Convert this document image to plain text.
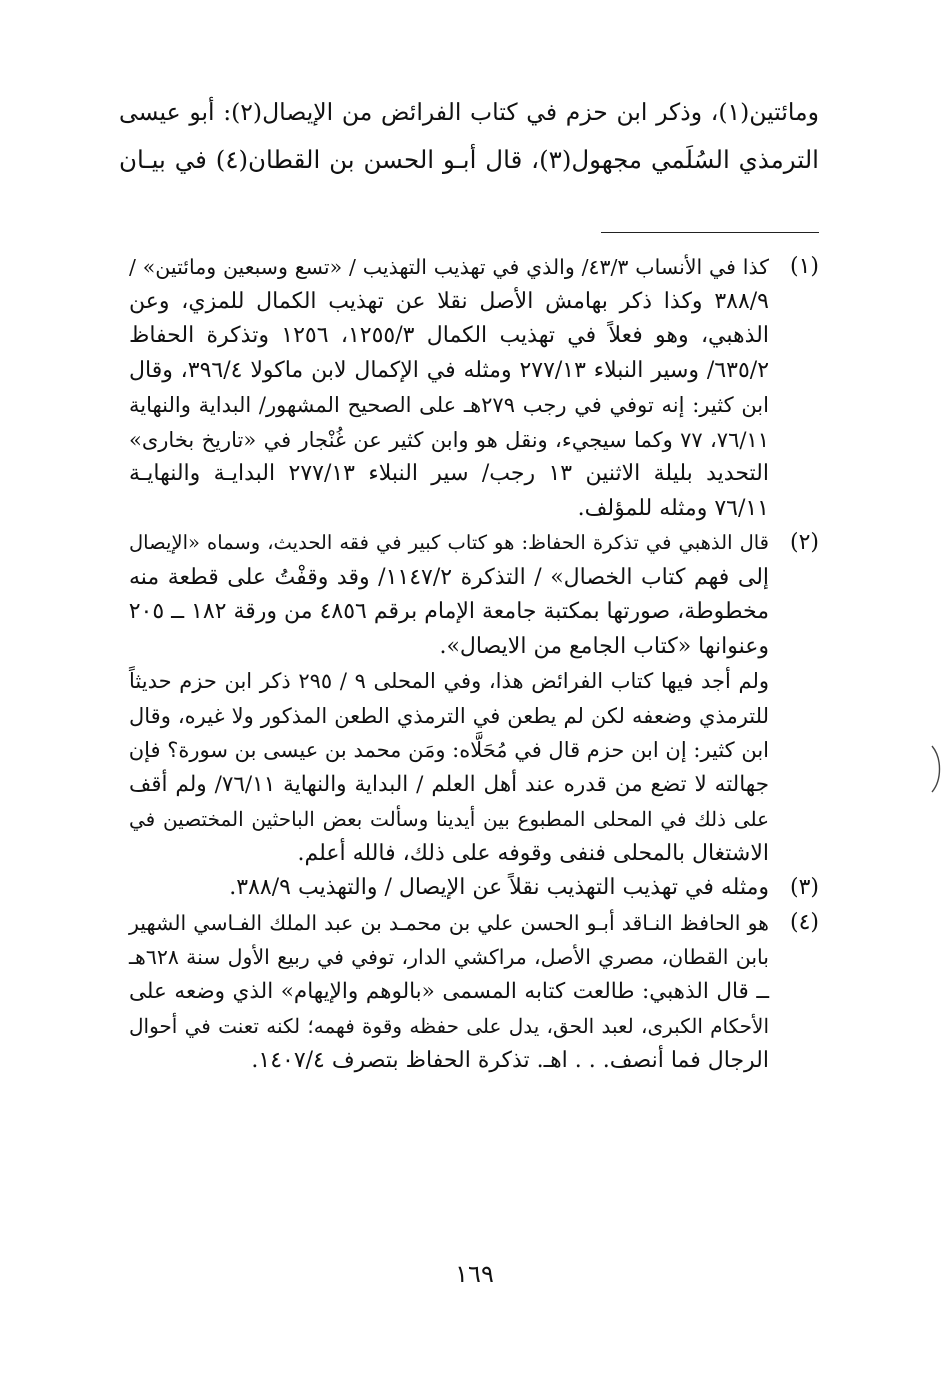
ومائتين(١)، وذكر ابن حزم في كتاب الفرائض من الإيصال(٢): أبو عيسى
الترمذي السُلَمي مجهول(٣)، قال أبـو الحسن بن القطان(٤) في بيـان
(١)
كذا في الأنساب ٤٣/٣/ والذي في تهذيب التهذيب / «تسع وسبعين ومائتين» /
٣٨٨/٩ وكذا ذكر بهامش الأصل نقلا عن تهذيب الكمال للمزي، وعن
الذهبي، وهو فعلاً في تهذيب الكمال ١٢٥٥/٣، ١٢٥٦ وتذكرة الحفاظ
٦٣٥/٢/ وسير النبلاء ٢٧٧/١٣ ومثله في الإكمال لابن ماكولا ٣٩٦/٤، وقال
ابن كثير: إنه توفي في رجب ٢٧٩هـ على الصحيح المشهور/ البداية والنهاية
٧٦/١١، ٧٧ وكما سيجيء، ونقل هو وابن كثير عن غُنْجار في «تاريخ بخارى»
التحديد بليلة الاثنين ١٣ رجب/ سير النبلاء ٢٧٧/١٣ البدايـة والنهايـة
٧٦/١١ ومثله للمؤلف.
(٢)
قال الذهبي في تذكرة الحفاظ: هو كتاب كبير في فقه الحديث، وسماه «الإيصال
إلى فهم كتاب الخصال» / التذكرة ١١٤٧/٢/ وقد وقفْتُ على قطعة منه
مخطوطة، صورتها بمكتبة جامعة الإمام برقم ٤٨٥٦ من ورقة ١٨٢ ــ ٢٠٥
وعنوانها «كتاب الجامع من الايصال».
ولم أجد فيها كتاب الفرائض هذا، وفي المحلى ٩ / ٢٩٥ ذكر ابن حزم حديثاً
للترمذي وضعفه لكن لم يطعن في الترمذي الطعن المذكور ولا غيره، وقال
ابن كثير: إن ابن حزم قال في مُحَلَّاه: ومَن محمد بن عيسى بن سورة؟ فإن
جهالته لا تضع من قدره عند أهل العلم / البداية والنهاية ٧٦/١١/ ولم أقف
على ذلك في المحلى المطبوع بين أيدينا وسألت بعض الباحثين المختصين في
الاشتغال بالمحلى فنفى وقوفه على ذلك، فالله أعلم.
(٣)
ومثله في تهذيب التهذيب نقلاً عن الإيصال / والتهذيب ٣٨٨/٩.
(٤)
هو الحافظ النـاقد أبـو الحسن علي بن محمـد بن عبد الملك الفـاسي الشهير
بابن القطان، مصري الأصل، مراكشي الدار، توفي في ربيع الأول سنة ٦٢٨هـ
ــ قال الذهبي: طالعت كتابه المسمى «بالوهم والإيهام» الذي وضعه على
الأحكام الكبرى، لعبد الحق، يدل على حفظه وقوة فهمه؛ لكنه تعنت في أحوال
الرجال فما أنصف. . . اهـ. تذكرة الحفاظ بتصرف ١٤٠٧/٤.
١٦٩
